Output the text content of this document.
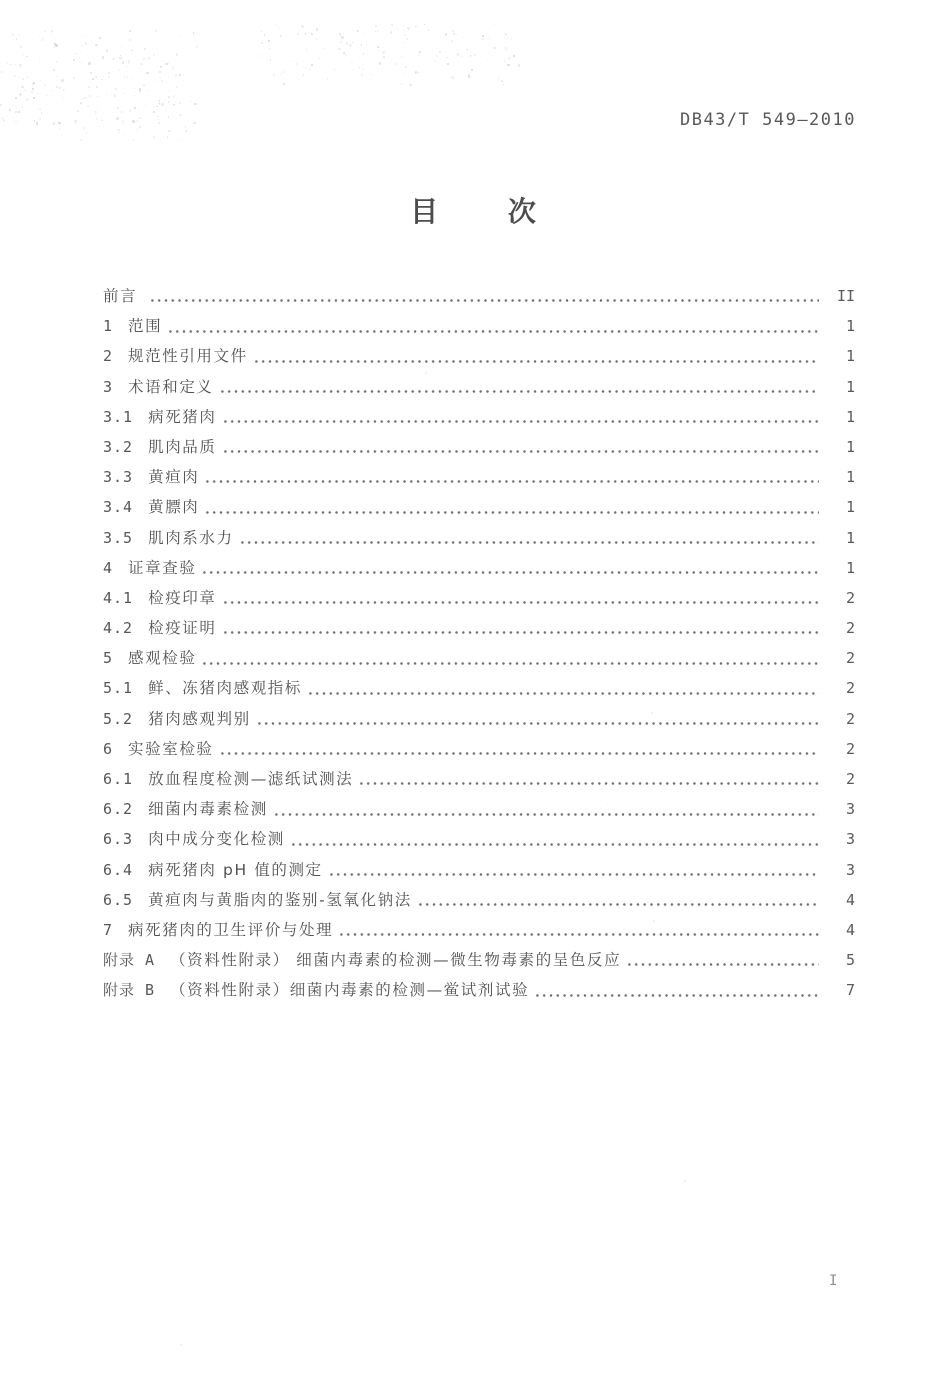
DB43/T 549—2010
目 次
前言	II
1 范围	1
2 规范性引用文件	1
3 术语和定义	1
3.1 病死猪肉	1
3.2 肌肉品质	1
3.3 黄疸肉	1
3.4 黄膘肉	1
3.5 肌肉系水力	1
4 证章查验	1
4.1 检疫印章	2
4.2 检疫证明	2
5 感观检验	2
5.1 鲜、冻猪肉感观指标	2
5.2 猪肉感观判别	2
6 实验室检验	2
6.1 放血程度检测—滤纸试测法	2
6.2 细菌内毒素检测	3
6.3 肉中成分变化检测	3
6.4 病死猪肉 pH 值的测定	3
6.5 黄疸肉与黄脂肉的鉴别-氢氧化钠法	4
7 病死猪肉的卫生评价与处理	4
附录 A （资料性附录） 细菌内毒素的检测—微生物毒素的呈色反应	5
附录 B （资料性附录）细菌内毒素的检测—鲎试剂试验	7
I
